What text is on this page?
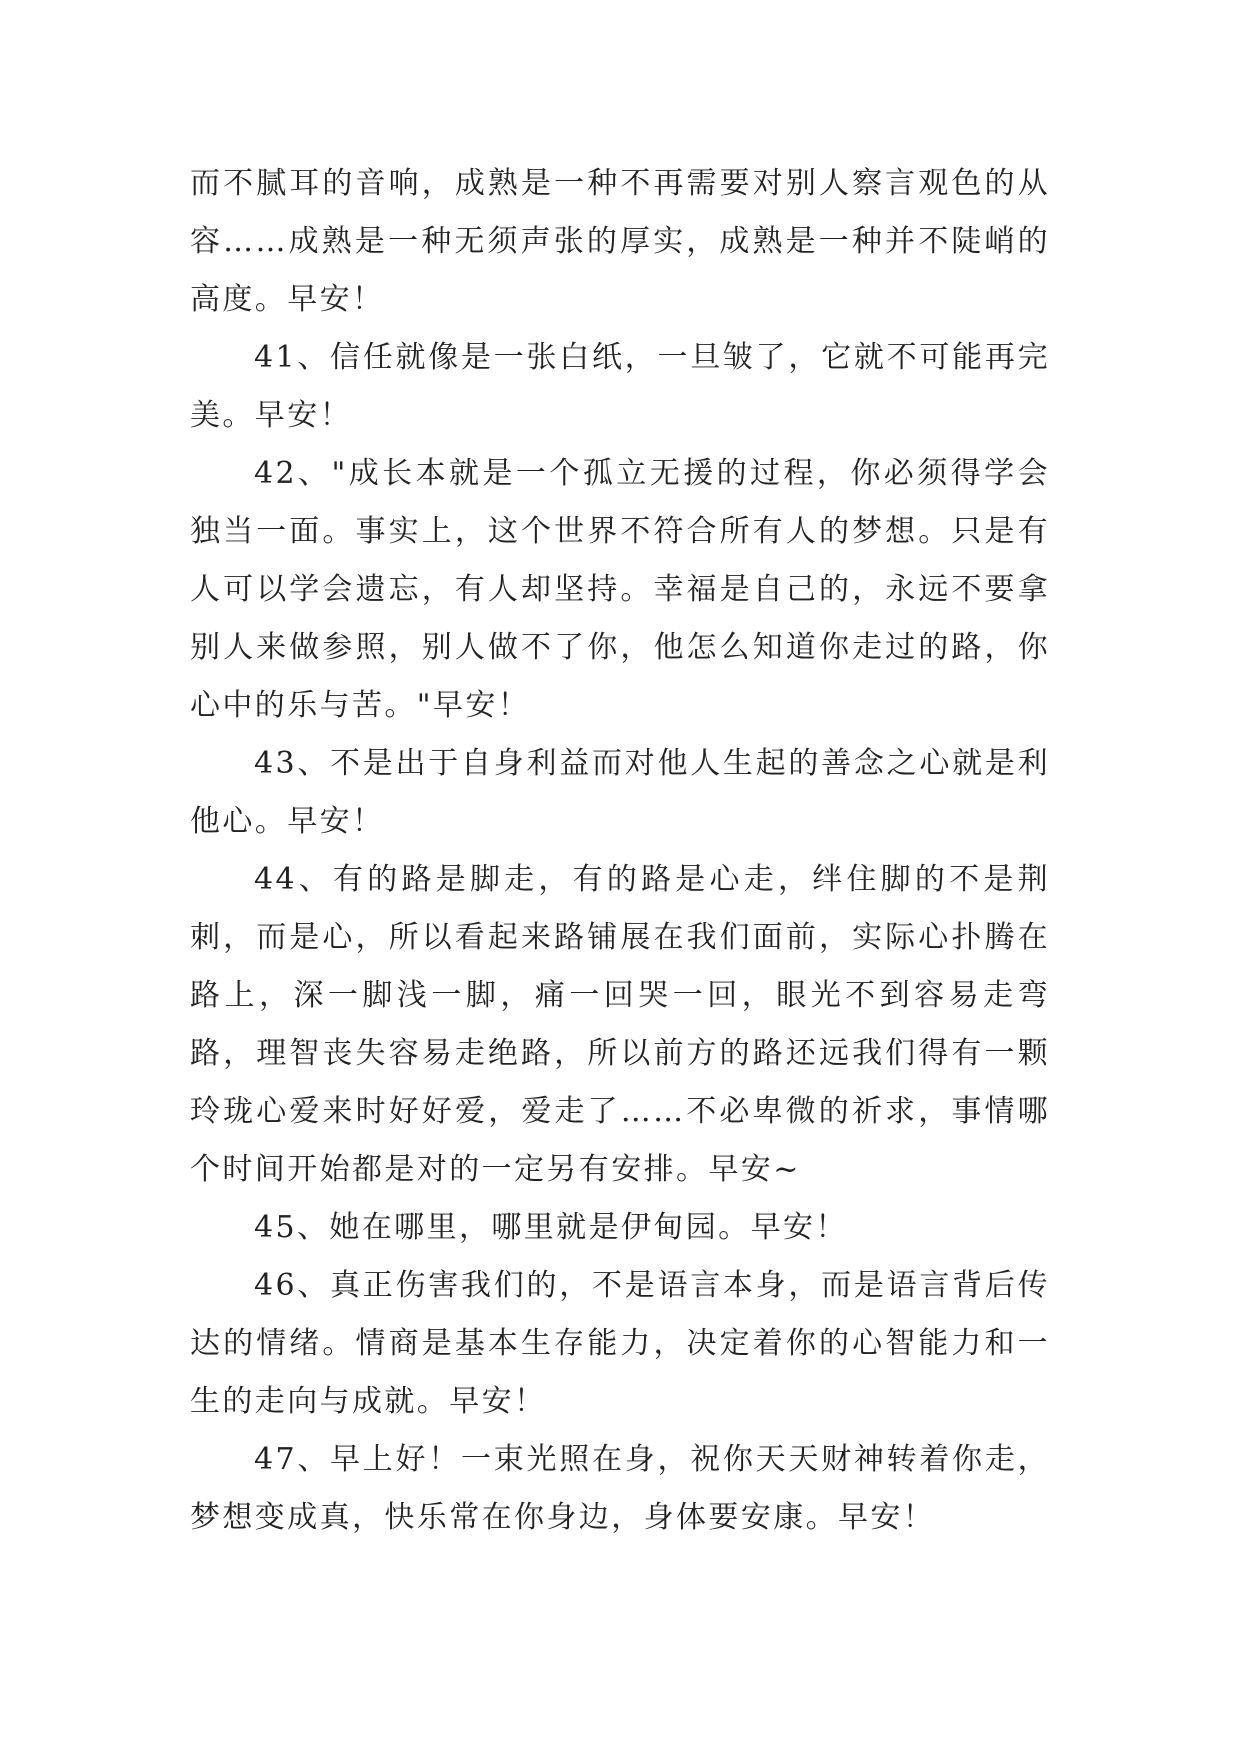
而不腻耳的音响，成熟是一种不再需要对别人察言观色的从容……成熟是一种无须声张的厚实，成熟是一种并不陡峭的高度。早安！

41、信任就像是一张白纸，一旦皱了，它就不可能再完美。早安！

42、"成长本就是一个孤立无援的过程，你必须得学会独当一面。事实上，这个世界不符合所有人的梦想。只是有人可以学会遗忘，有人却坚持。幸福是自己的，永远不要拿别人来做参照，别人做不了你，他怎么知道你走过的路，你心中的乐与苦。"早安！

43、不是出于自身利益而对他人生起的善念之心就是利他心。早安！

44、有的路是脚走，有的路是心走，绊住脚的不是荆刺，而是心，所以看起来路铺展在我们面前，实际心扑腾在路上，深一脚浅一脚，痛一回哭一回，眼光不到容易走弯路，理智丧失容易走绝路，所以前方的路还远我们得有一颗玲珑心爱来时好好爱，爱走了……不必卑微的祈求，事情哪个时间开始都是对的一定另有安排。早安~

45、她在哪里，哪里就是伊甸园。早安！

46、真正伤害我们的，不是语言本身，而是语言背后传达的情绪。情商是基本生存能力，决定着你的心智能力和一生的走向与成就。早安！

47、早上好！一束光照在身，祝你天天财神转着你走，梦想变成真，快乐常在你身边，身体要安康。早安！
